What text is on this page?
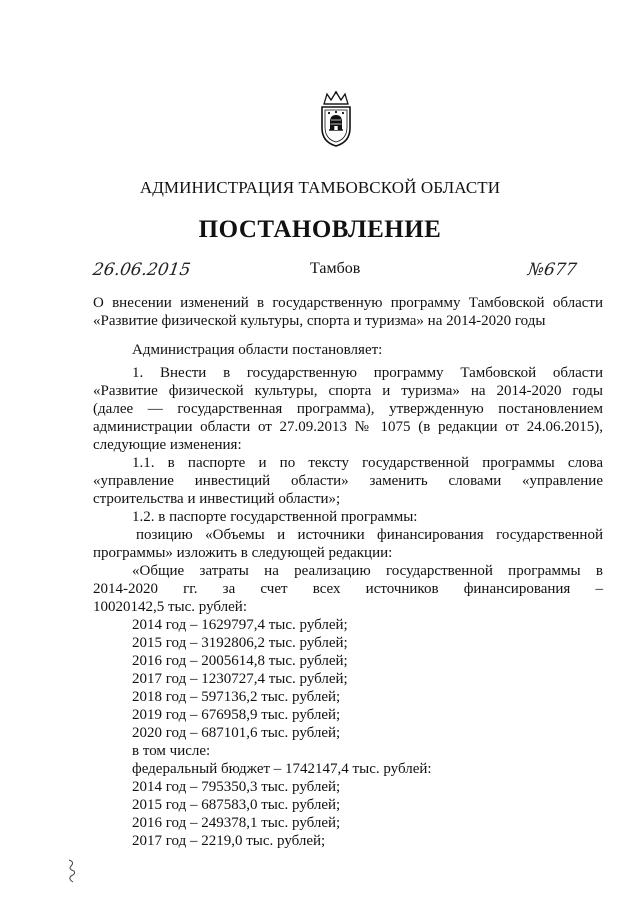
АДМИНИСТРАЦИЯ ТАМБОВСКОЙ ОБЛАСТИ
ПОСТАНОВЛЕНИЕ
26.06.2015	Тамбов	№677
О внесении изменений в государственную программу Тамбовской области
«Развитие физической культуры, спорта и туризма» на 2014-2020 годы
Администрация области постановляет:
1. Внести в государственную программу Тамбовской области
«Развитие физической культуры, спорта и туризма» на 2014-2020 годы
(далее — государственная программа), утвержденную постановлением
администрации области от 27.09.2013 № 1075 (в редакции от 24.06.2015),
следующие изменения:
1.1. в паспорте и по тексту государственной программы слова
«управление инвестиций области» заменить словами «управление
строительства и инвестиций области»;
1.2. в паспорте государственной программы:
позицию «Объемы и источники финансирования государственной
программы» изложить в следующей редакции:
«Общие затраты на реализацию государственной программы в
2014-2020 гг. за счет всех источников финансирования –
10020142,5 тыс. рублей:
2014 год – 1629797,4 тыс. рублей;
2015 год – 3192806,2 тыс. рублей;
2016 год – 2005614,8 тыс. рублей;
2017 год – 1230727,4 тыс. рублей;
2018 год – 597136,2 тыс. рублей;
2019 год – 676958,9 тыс. рублей;
2020 год – 687101,6 тыс. рублей;
в том числе:
федеральный бюджет – 1742147,4 тыс. рублей:
2014 год – 795350,3 тыс. рублей;
2015 год – 687583,0 тыс. рублей;
2016 год – 249378,1 тыс. рублей;
2017 год – 2219,0 тыс. рублей;
